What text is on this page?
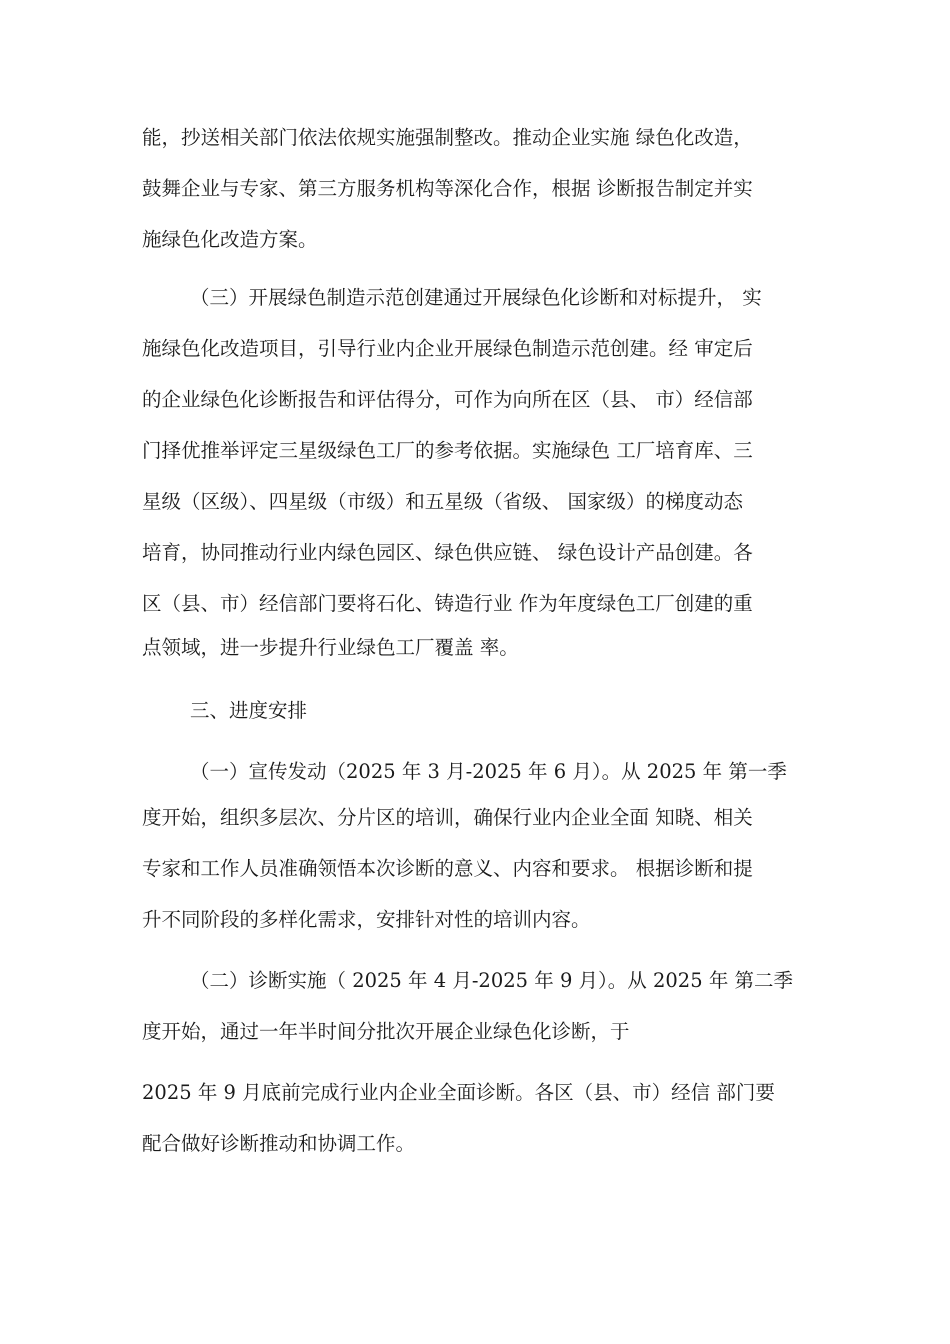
能，抄送相关部门依法依规实施强制整改。推动企业实施 绿色化改造，
鼓舞企业与专家、第三方服务机构等深化合作，根据 诊断报告制定并实
施绿色化改造方案。
（三）开展绿色制造示范创建通过开展绿色化诊断和对标提升， 实
施绿色化改造项目，引导行业内企业开展绿色制造示范创建。经 审定后
的企业绿色化诊断报告和评估得分，可作为向所在区（县、 市）经信部
门择优推举评定三星级绿色工厂的参考依据。实施绿色 工厂培育库、三
星级（区级）、四星级（市级）和五星级（省级、 国家级）的梯度动态
培育，协同推动行业内绿色园区、绿色供应链、 绿色设计产品创建。各
区（县、市）经信部门要将石化、铸造行业 作为年度绿色工厂创建的重
点领域，进一步提升行业绿色工厂覆盖 率。
三、进度安排
（一）宣传发动（2025 年 3 月-2025 年 6 月）。从 2025 年 第一季
度开始，组织多层次、分片区的培训，确保行业内企业全面 知晓、相关
专家和工作人员准确领悟本次诊断的意义、内容和要求。 根据诊断和提
升不同阶段的多样化需求，安排针对性的培训内容。
（二）诊断实施（ 2025 年 4 月-2025 年 9 月）。从 2025 年 第二季
度开始，通过一年半时间分批次开展企业绿色化诊断，于
2025 年 9 月底前完成行业内企业全面诊断。各区（县、市）经信 部门要
配合做好诊断推动和协调工作。
